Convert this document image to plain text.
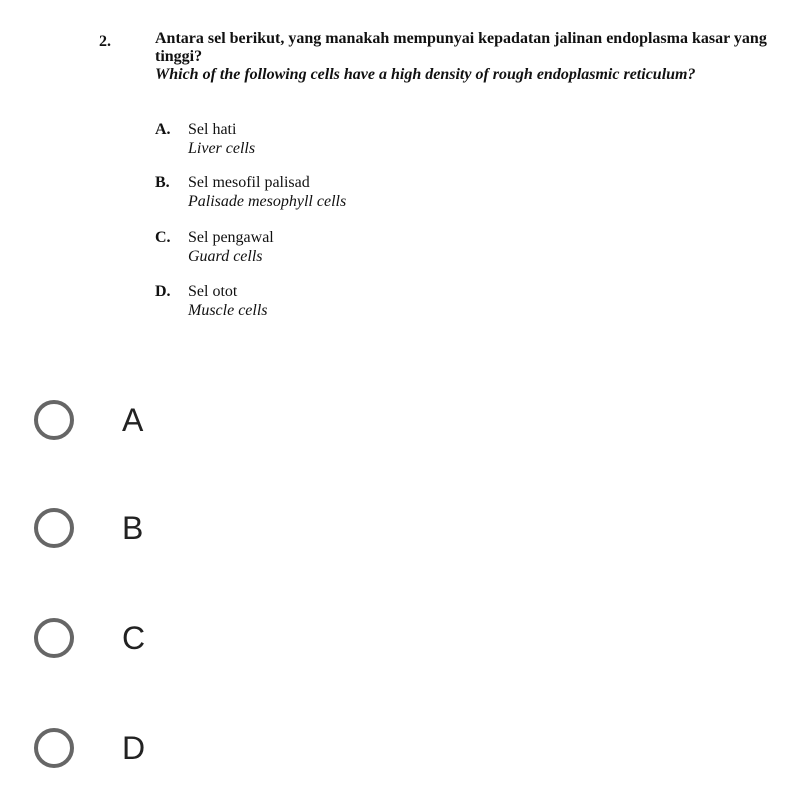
2.	Antara sel berikut, yang manakah mempunyai kepadatan jalinan endoplasma kasar yang tinggi?
Which of the following cells have a high density of rough endoplasmic reticulum?
A. Sel hati
Liver cells
B. Sel mesofil palisad
Palisade mesophyll cells
C. Sel pengawal
Guard cells
D. Sel otot
Muscle cells
A
B
C
D
